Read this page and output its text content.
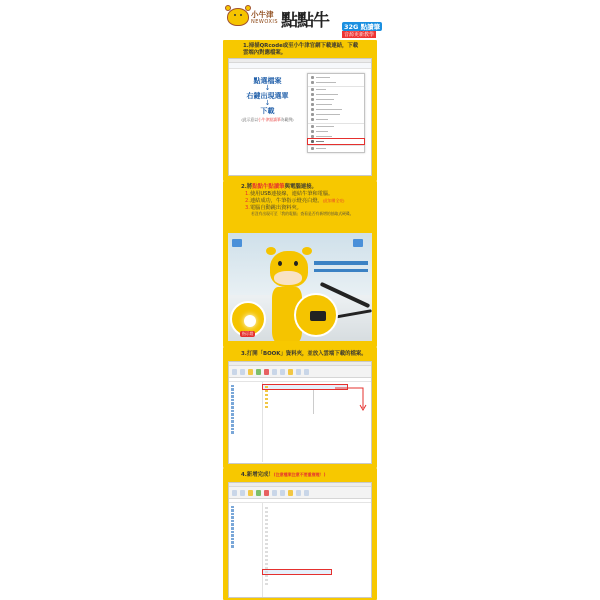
小牛津
NEWOXIS 點點牛	32G 點讀筆
音源更新教學
1.掃描QRcode或至小牛津官網下載連結，下載
雲端內對應檔案。
點選檔案
↓
右鍵出現選單
↓
下載
(此示意以小牛津點讀筆為範例)
2.將點點牛點讀筆與電腦連接。
1.使用USB連接線，連結牛筆和電腦。
2.連結成功，牛筆指示燈亮白燈。(此如備全亮)
3.電腦自動跳出資料夾。
若沒有出現可至「我的電腦」查看是否有新增的抽取式硬碟。
指示燈
3.打開「BOOK」資料夾，並放入雲端下載的檔案。
4.新增完成！(注意檔案注意不要重複喔！)
